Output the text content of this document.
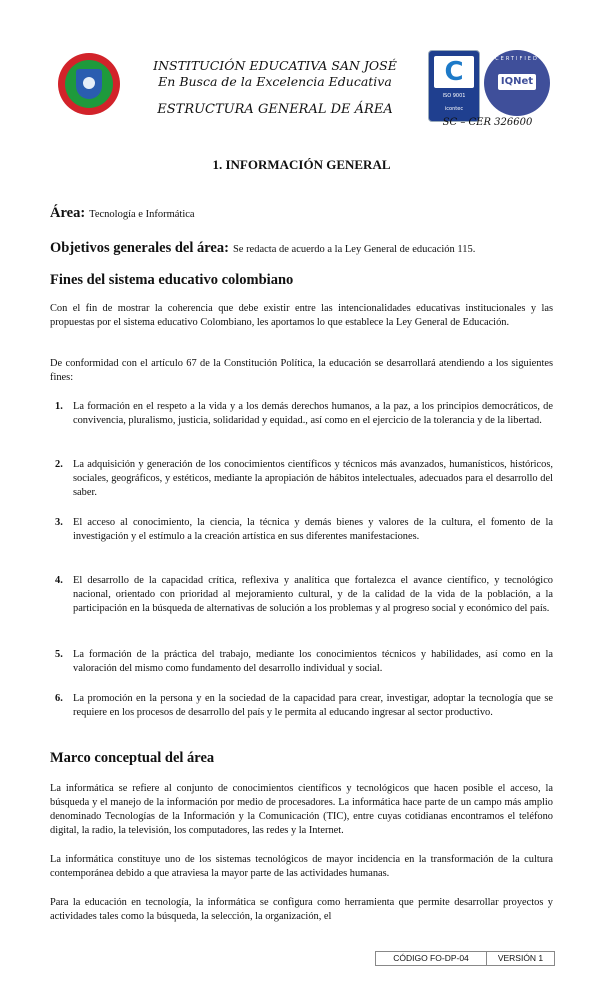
INSTITUCIÓN EDUCATIVA SAN JOSÉ
En Busca de la Excelencia Educativa
ESTRUCTURA GENERAL DE ÁREA
C
ISO 9001
icontec
CERTIFIED
IQNet
SC – CER 326600
1. INFORMACIÓN GENERAL
Área: Tecnología e Informática
Objetivos generales del área: Se redacta de acuerdo a la Ley General de educación 115.
Fines del sistema educativo colombiano

Con el fin de mostrar la coherencia que debe existir entre las intencionalidades educativas institucionales y las propuestas por el sistema educativo Colombiano, les aportamos lo que establece la Ley General de Educación.

De conformidad con el artículo 67 de la Constitución Política, la educación se desarrollará atendiendo a los siguientes fines:

1. La formación en el respeto a la vida y a los demás derechos humanos, a la paz, a los principios democráticos, de convivencia, pluralismo, justicia, solidaridad y equidad., así como en el ejercicio de la tolerancia y de la libertad.
2. La adquisición y generación de los conocimientos científicos y técnicos más avanzados, humanísticos, históricos, sociales, geográficos, y estéticos, mediante la apropiación de hábitos intelectuales, adecuados para el desarrollo del saber.
3. El acceso al conocimiento, la ciencia, la técnica y demás bienes y valores de la cultura, el fomento de la investigación y el estímulo a la creación artística en sus diferentes manifestaciones.
4. El desarrollo de la capacidad crítica, reflexiva y analítica que fortalezca el avance científico, y tecnológico nacional, orientado con prioridad al mejoramiento cultural, y de la calidad de la vida de la población, a la participación en la búsqueda de alternativas de solución a los problemas y al progreso social y económico del país.
5. La formación de la práctica del trabajo, mediante los conocimientos técnicos y habilidades, así como en la valoración del mismo como fundamento del desarrollo individual y social.
6. La promoción en la persona y en la sociedad de la capacidad para crear, investigar, adoptar la tecnología que se requiere en los procesos de desarrollo del país y le permita al educando ingresar al sector productivo.
Marco conceptual del área

La informática se refiere al conjunto de conocimientos científicos y tecnológicos que hacen posible el acceso, la búsqueda y el manejo de la información por medio de procesadores. La informática hace parte de un campo más amplio denominado Tecnologías de la Información y la Comunicación (TIC), entre cuyas cotidianas encontramos el teléfono digital, la radio, la televisión, los computadores, las redes y la Internet.

La informática constituye uno de los sistemas tecnológicos de mayor incidencia en la transformación de la cultura contemporánea debido a que atraviesa la mayor parte de las actividades humanas.

Para la educación en tecnología, la informática se configura como herramienta que permite desarrollar proyectos y actividades tales como la búsqueda, la selección, la organización, el

CÓDIGO FO-DP-04	VERSIÓN 1
